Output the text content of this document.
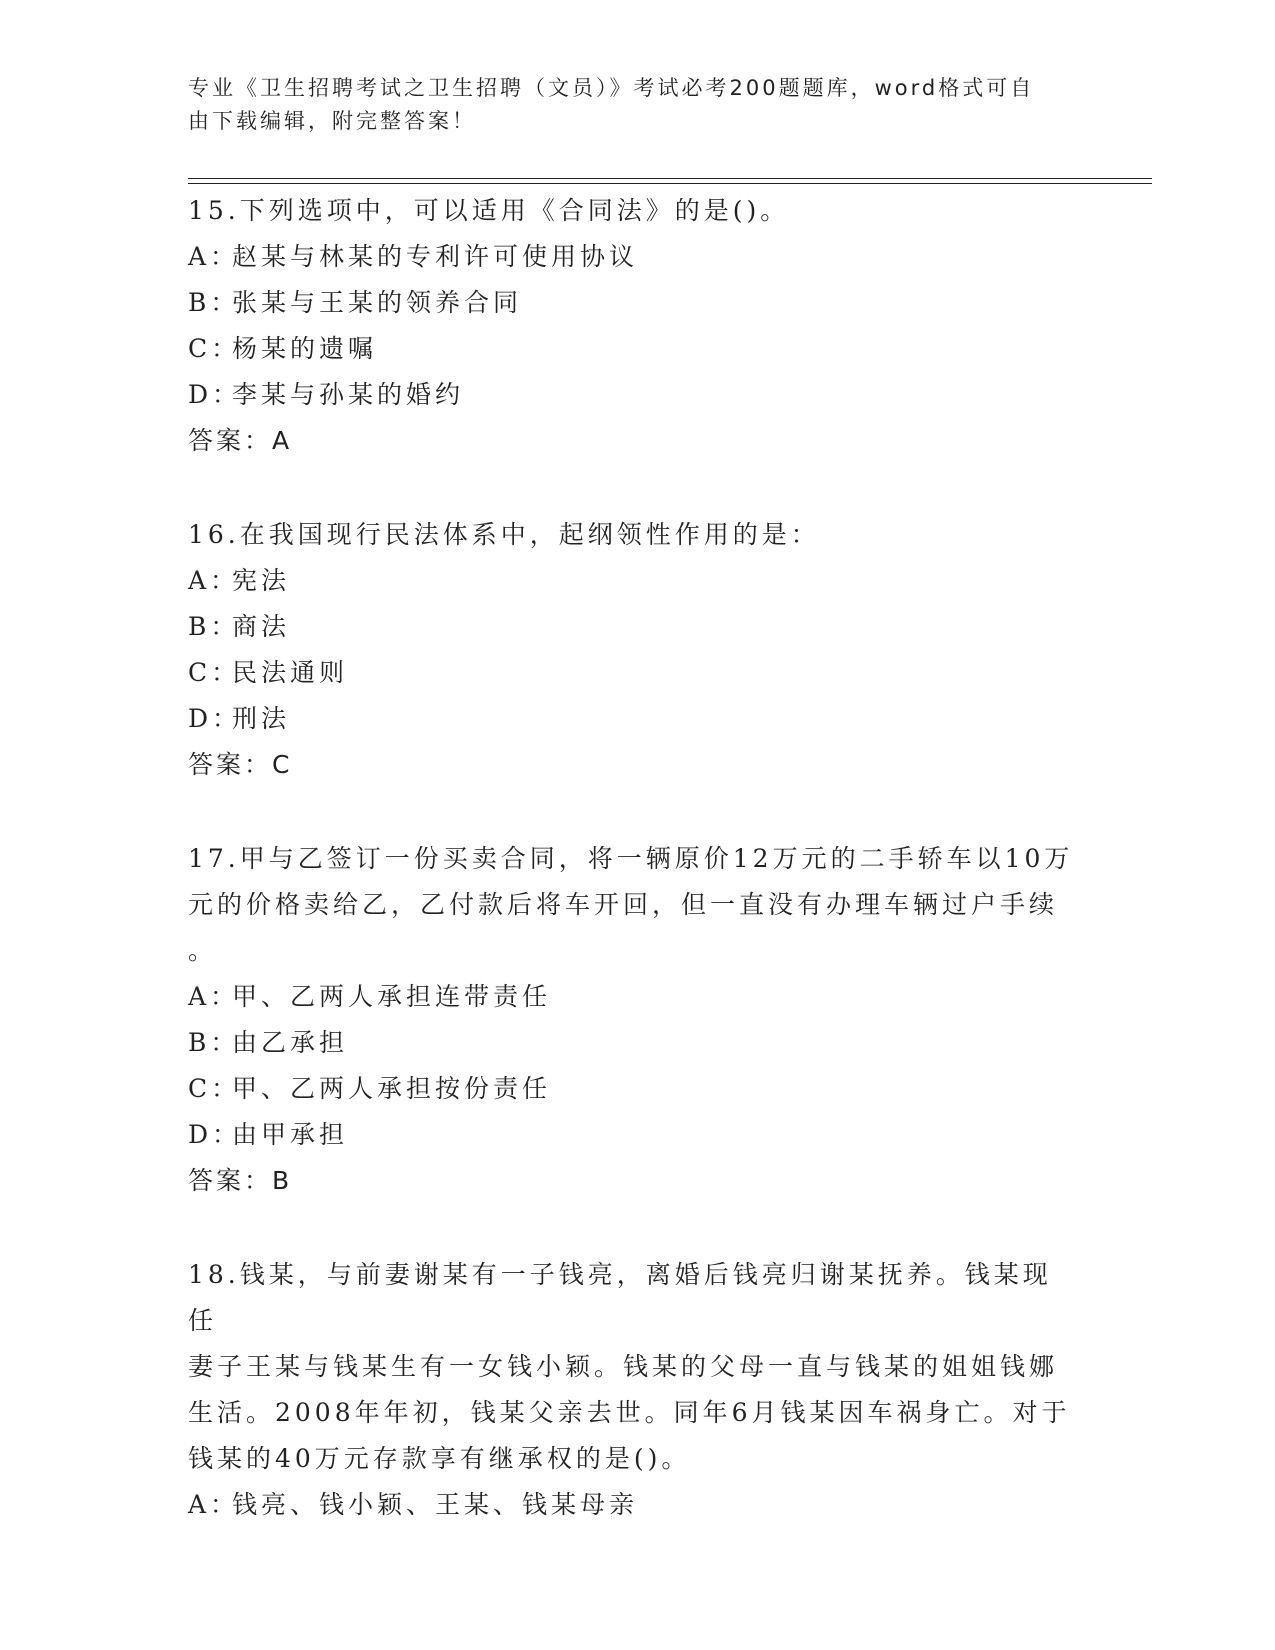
专业《卫生招聘考试之卫生招聘（文员）》考试必考200题题库，word格式可自
由下载编辑，附完整答案！
15.下列选项中，可以适用《合同法》的是()。
A：赵某与林某的专利许可使用协议
B：张某与王某的领养合同
C：杨某的遗嘱
D：李某与孙某的婚约
答案：A
16.在我国现行民法体系中，起纲领性作用的是：
A：宪法
B：商法
C：民法通则
D：刑法
答案：C
17.甲与乙签订一份买卖合同，将一辆原价12万元的二手轿车以10万
元的价格卖给乙，乙付款后将车开回，但一直没有办理车辆过户手续
。
A：甲、乙两人承担连带责任
B：由乙承担
C：甲、乙两人承担按份责任
D：由甲承担
答案：B
18.钱某，与前妻谢某有一子钱亮，离婚后钱亮归谢某抚养。钱某现任
妻子王某与钱某生有一女钱小颖。钱某的父母一直与钱某的姐姐钱娜
生活。2008年年初，钱某父亲去世。同年6月钱某因车祸身亡。对于
钱某的40万元存款享有继承权的是()。
A：钱亮、钱小颖、王某、钱某母亲
